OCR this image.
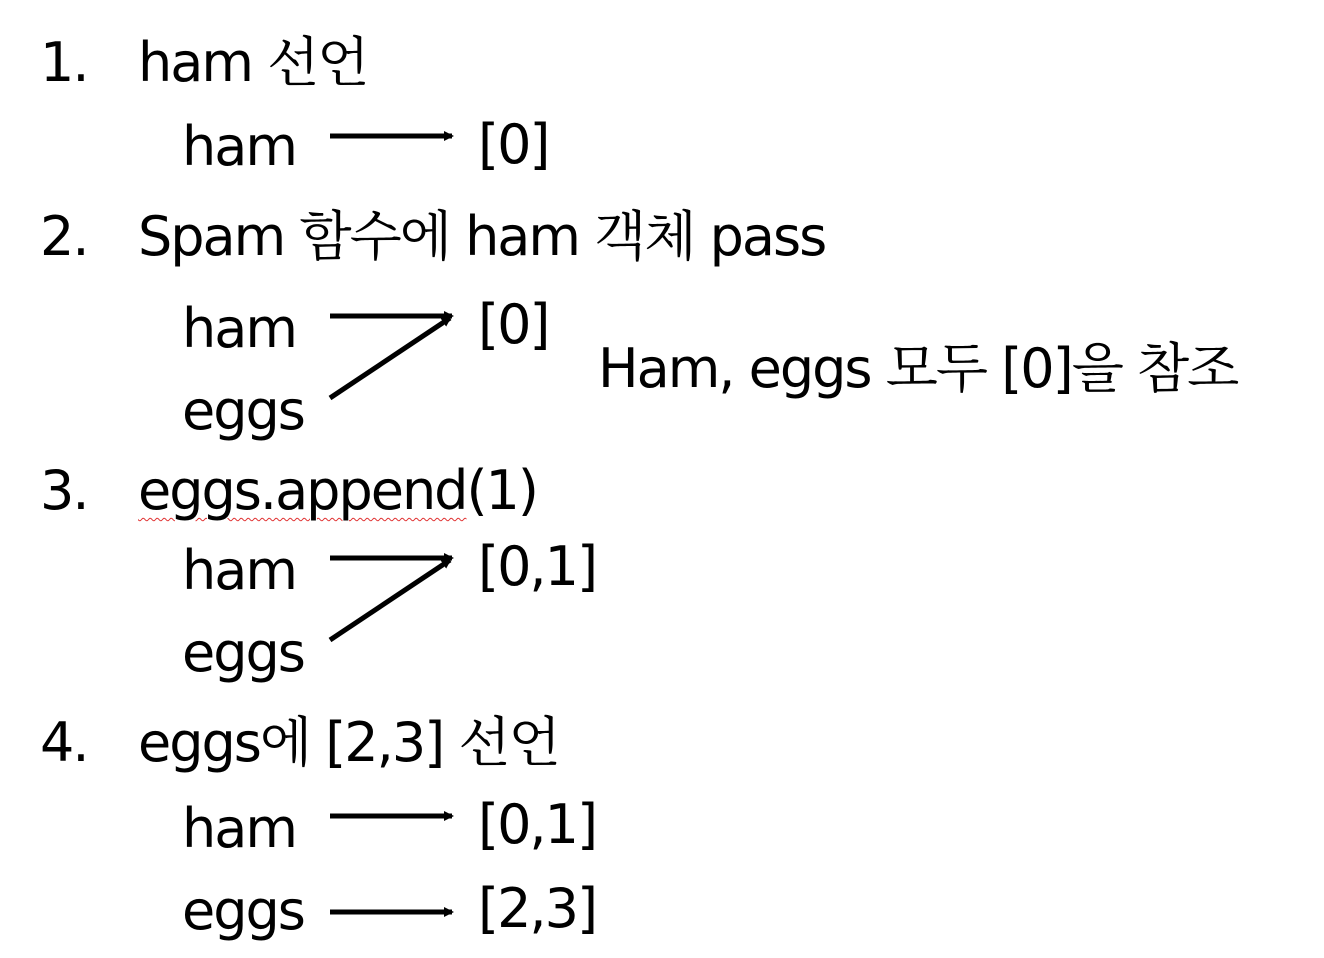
1. ham 선언
ham	[0]
2. Spam 함수에 ham 객체 pass
ham
eggs
[0]
Ham, eggs 모두 [0]을 참조
3. eggs.append(1)
ham
eggs
[0,1]
4. eggs에 [2,3] 선언
ham	[0,1]
eggs	[2,3]
